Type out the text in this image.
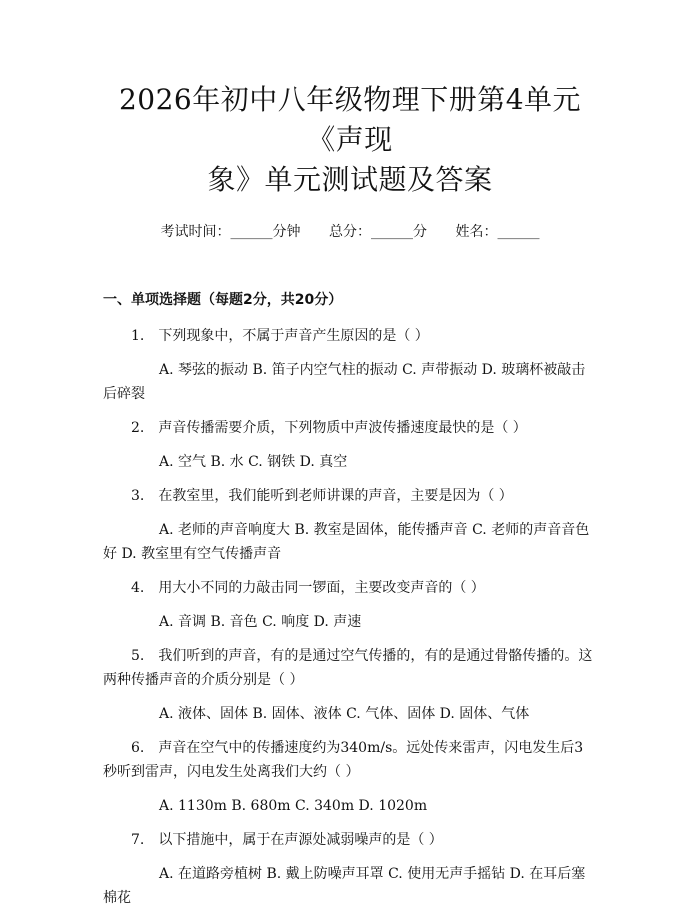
2026年初中八年级物理下册第4单元《声现
象》单元测试题及答案
考试时间：______分钟 总分：______分 姓名：______
一、单项选择题（每题2分，共20分）

1.　下列现象中，不属于声音产生原因的是（ ）

A. 琴弦的振动 B. 笛子内空气柱的振动 C. 声带振动 D. 玻璃杯被敲击后碎裂

2.　声音传播需要介质，下列物质中声波传播速度最快的是（ ）

A. 空气 B. 水 C. 钢铁 D. 真空

3.　在教室里，我们能听到老师讲课的声音，主要是因为（ ）

A. 老师的声音响度大 B. 教室是固体，能传播声音 C. 老师的声音音色好 D. 教室里有空气传播声音

4.　用大小不同的力敲击同一锣面，主要改变声音的（ ）

A. 音调 B. 音色 C. 响度 D. 声速

5.　我们听到的声音，有的是通过空气传播的，有的是通过骨骼传播的。这两种传播声音的介质分别是（ ）

A. 液体、固体 B. 固体、液体 C. 气体、固体 D. 固体、气体

6.　声音在空气中的传播速度约为340m/s。远处传来雷声，闪电发生后3秒听到雷声，闪电发生处离我们大约（ ）

A. 1130m B. 680m C. 340m D. 1020m

7.　以下措施中，属于在声源处减弱噪声的是（ ）

A. 在道路旁植树 B. 戴上防噪声耳罩 C. 使用无声手摇钻 D. 在耳后塞棉花
